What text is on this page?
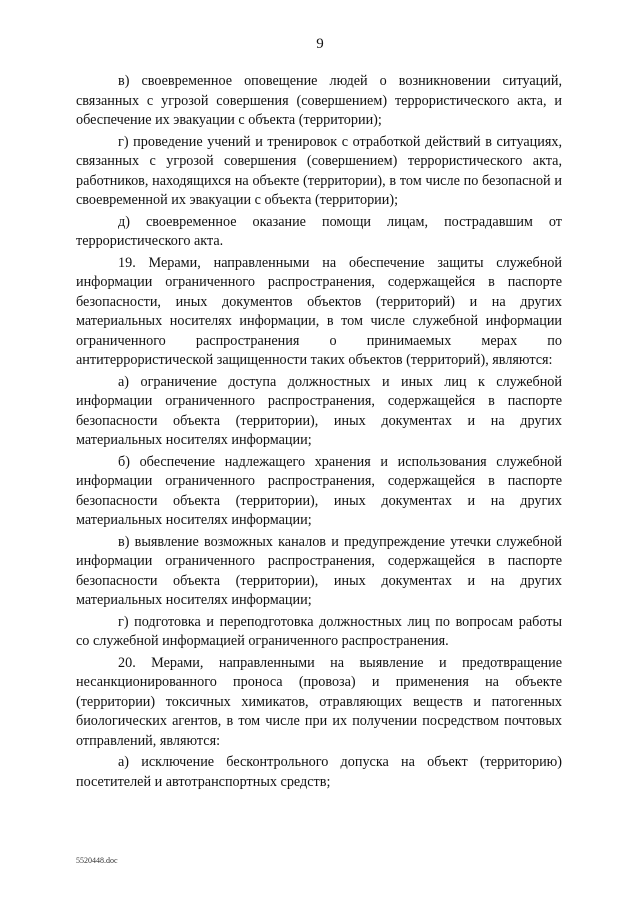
9

в) своевременное оповещение людей о возникновении ситуаций, связанных с угрозой совершения (совершением) террористического акта, и обеспечение их эвакуации с объекта (территории);

г) проведение учений и тренировок с отработкой действий в ситуациях, связанных с угрозой совершения (совершением) террористического акта, работников, находящихся на объекте (территории), в том числе по безопасной и своевременной их эвакуации с объекта (территории);

д) своевременное оказание помощи лицам, пострадавшим от террористического акта.

19. Мерами, направленными на обеспечение защиты служебной информации ограниченного распространения, содержащейся в паспорте безопасности, иных документов объектов (территорий) и на других материальных носителях информации, в том числе служебной информации ограниченного распространения о принимаемых мерах по антитеррористической защищенности таких объектов (территорий), являются:

а) ограничение доступа должностных и иных лиц к служебной информации ограниченного распространения, содержащейся в паспорте безопасности объекта (территории), иных документах и на других материальных носителях информации;

б) обеспечение надлежащего хранения и использования служебной информации ограниченного распространения, содержащейся в паспорте безопасности объекта (территории), иных документах и на других материальных носителях информации;

в) выявление возможных каналов и предупреждение утечки служебной информации ограниченного распространения, содержащейся в паспорте безопасности объекта (территории), иных документах и на других материальных носителях информации;

г) подготовка и переподготовка должностных лиц по вопросам работы со служебной информацией ограниченного распространения.

20. Мерами, направленными на выявление и предотвращение несанкционированного проноса (провоза) и применения на объекте (территории) токсичных химикатов, отравляющих веществ и патогенных биологических агентов, в том числе при их получении посредством почтовых отправлений, являются:

а) исключение бесконтрольного допуска на объект (территорию) посетителей и автотранспортных средств;

5520448.doc
